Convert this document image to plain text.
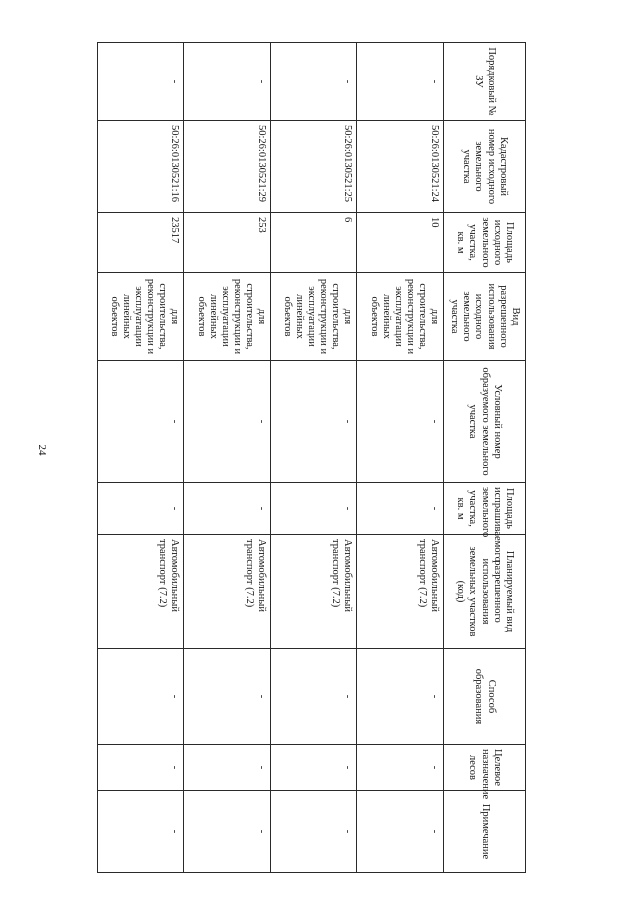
24
Порядковый № ЗУ	Кадастровый номер исходного земельного участка	Площадь исходного земельного участка, кв. м	Вид разрешенного использования исходного земельного участка	Условный номер образуемого земельного участка	Площадь испрашиваемого земельного участка, кв. м	Планируемый вид разрешенного использования земельных участков (код)	Способ образования	Целевое назначение лесов	Примечание
-	50:26:0130521:24	10	для строительства, реконструкции и эксплуатации линейных объектов	-	-	Автомобильный транспорт (7.2)	-	-	-
-	50:26:0130521:25	6	для строительства, реконструкции и эксплуатации линейных объектов	-	-	Автомобильный транспорт (7.2)	-	-	-
-	50:26:0130521:29	253	для строительства, реконструкции и эксплуатации линейных объектов	-	-	Автомобильный транспорт (7.2)	-	-	-
-	50:26:0130521:16	23517	для строительства, реконструкции и эксплуатации линейных объектов	-	-	Автомобильный транспорт (7.2)	-	-	-
